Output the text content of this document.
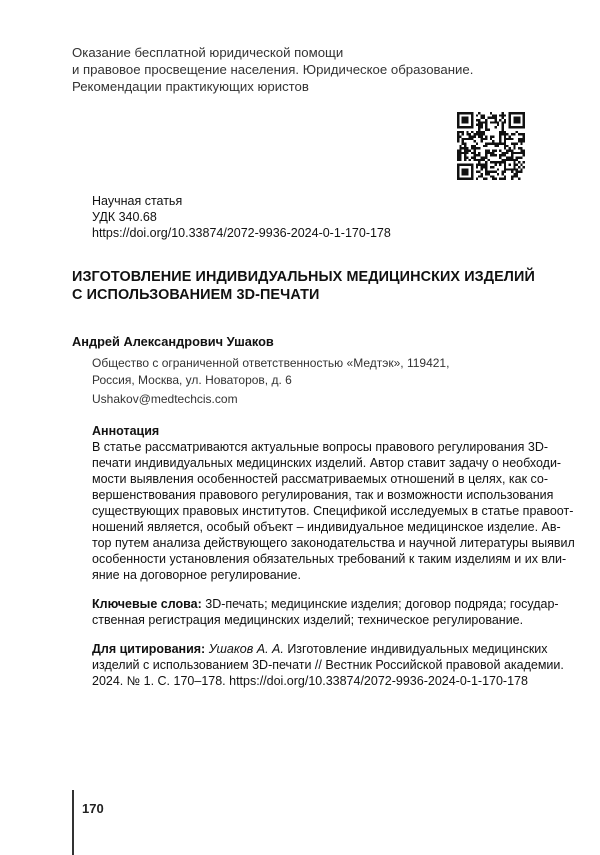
Оказание бесплатной юридической помощи
и правовое просвещение населения. Юридическое образование.
Рекомендации практикующих юристов
Научная статья
УДК 340.68
https://doi.org/10.33874/2072-9936-2024-0-1-170-178
ИЗГОТОВЛЕНИЕ ИНДИВИДУАЛЬНЫХ МЕДИЦИНСКИХ ИЗДЕЛИЙ
С ИСПОЛЬЗОВАНИЕМ 3D-ПЕЧАТИ
Андрей Александрович Ушаков
Общество с ограниченной ответственностью «Медтэк», 119421,
Россия, Москва, ул. Новаторов, д. 6
Ushakov@medtechcis.com
Аннотация
В статье рассматриваются актуальные вопросы правового регулирования 3D-
печати индивидуальных медицинских изделий. Автор ставит задачу о необходи-
мости выявления особенностей рассматриваемых отношений в целях, как со-
вершенствования правового регулирования, так и возможности использования
существующих правовых институтов. Спецификой исследуемых в статье правоот-
ношений является, особый объект – индивидуальное медицинское изделие. Ав-
тор путем анализа действующего законодательства и научной литературы выявил
особенности установления обязательных требований к таким изделиям и их вли-
яние на договорное регулирование.
Ключевые слова: 3D-печать; медицинские изделия; договор подряда; государ-
ственная регистрация медицинских изделий; техническое регулирование.
Для цитирования: Ушаков А. А. Изготовление индивидуальных медицинских
изделий с использованием 3D-печати // Вестник Российской правовой академии.
2024. № 1. С. 170–178. https://doi.org/10.33874/2072-9936-2024-0-1-170-178
170
